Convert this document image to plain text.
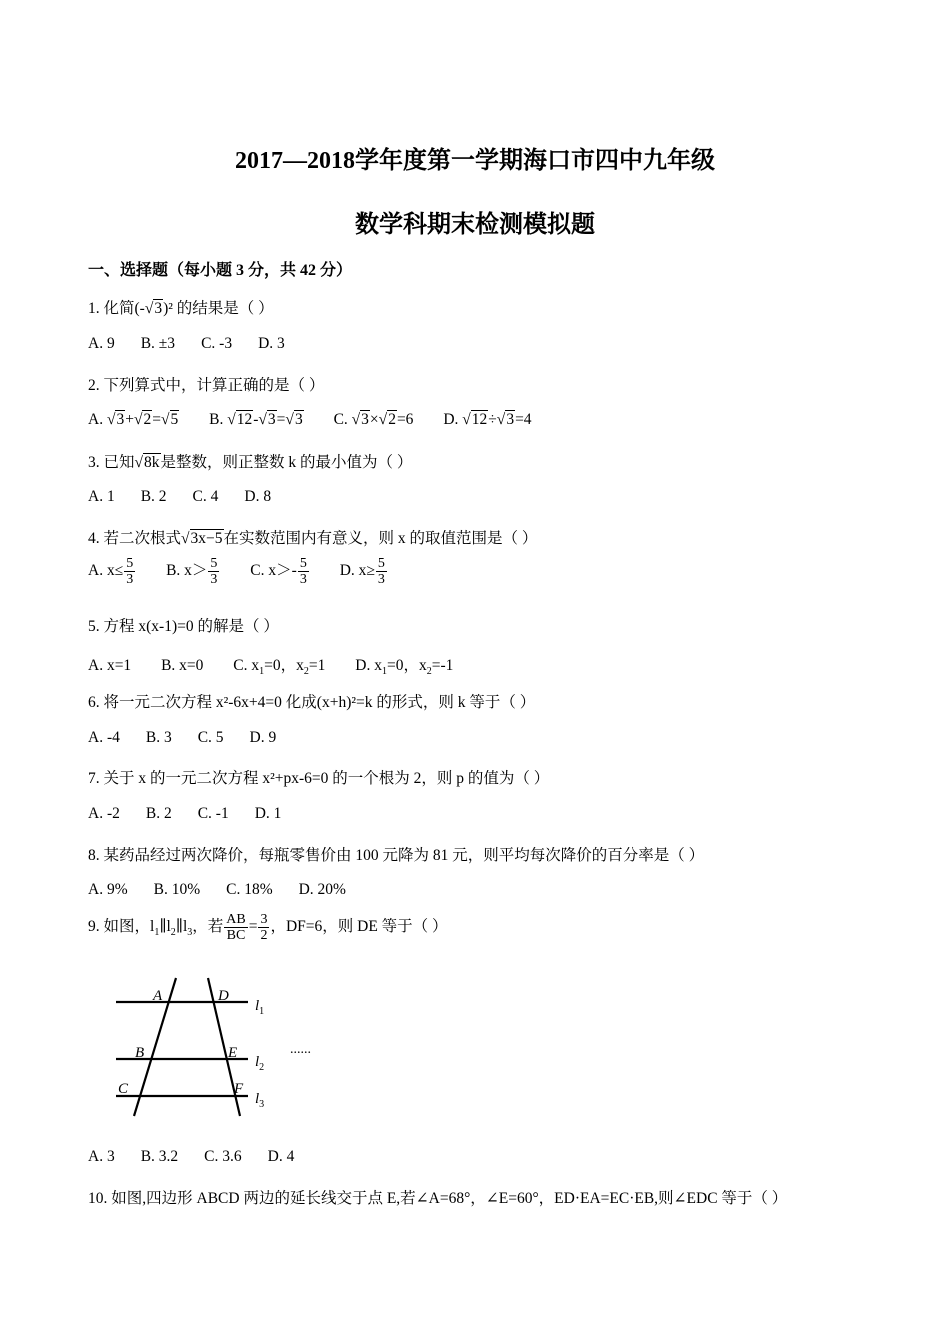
2017—2018学年度第一学期海口市四中九年级
数学科期末检测模拟题
一、选择题（每小题 3 分，共 42 分）
1. 化简(-√3)² 的结果是（ ）
A. 9 B. ±3 C. -3 D. 3
2. 下列算式中，计算正确的是（ ）
A. √3+√2=√5 B. √12-√3=√3 C. √3×√2=6 D. √12÷√3=4
3. 已知√8k是整数，则正整数 k 的最小值为（ ）
A. 1 B. 2 C. 4 D. 8
4. 若二次根式√3x−5在实数范围内有意义，则 x 的取值范围是（ ）
A. $x\le \frac{5}{3} B$. $x> \frac{5}{3} C$. $x>- \frac{5}{3} D$. $x\ge \frac{5}{3}$
5. 方程 x(x-1)=0 的解是（ ）
A. x=1 B. x=0 C. $x_1=0$，$x_2=1$ D. $x_1=0$，$x_2=-1$
6. 将一元二次方程 x²-6x+4=0 化成(x+h)²=k 的形式，则 k 等于（ ）
A. -4 B. 3 C. 5 D. 9
7. 关于 x 的一元二次方程 x²+px-6=0 的一个根为 2，则 p 的值为（ ）
A. -2 B. 2 C. -1 D. 1
8. 某药品经过两次降价，每瓶零售价由 100 元降为 81 元，则平均每次降价的百分率是（ ）
A. 9% B. 10% C. 18% D. 20%
9. 如图，$l_1\parallel l_2\parallel l_3$，若 $\frac{AB}{BC} = \frac{3}{2}$ ，DF=6，则 DE 等于（ ）
A	D
B	E
C	F
$l_1$
$l_2$
$l_3$
......
A. 3 B. 3.2 C. 3.6 D. 4
10. 如图,四边形 ABCD 两边的延长线交于点 E,若∠A=68°，∠E=60°，ED·EA=EC·EB,则∠EDC 等于（ ）
